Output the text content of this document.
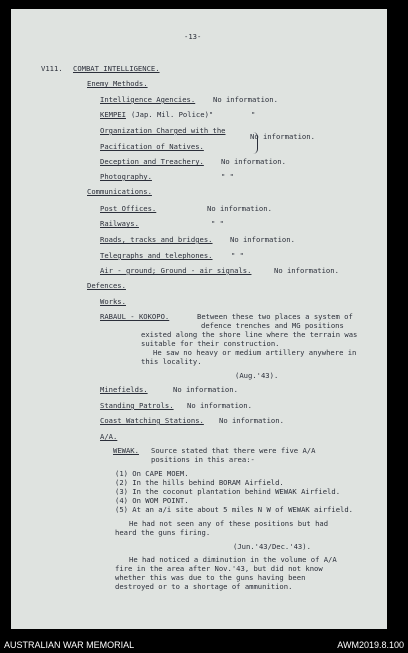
-13-
V111. COMBAT INTELLIGENCE.
Enemy Methods.
Intelligence Agencies. No information.
KEMPEI (Jap. Mil. Police)"	"
Organization Charged with the
Pacification of Natives.
No information.
Deception and Treachery. No information.
Photography.	" "
Communications.
Post Offices.	No information.
Railways.	" "
Roads, tracks and bridges. No information.
Telegraphs and telephones.	" "
Air - ground; Ground - air signals.	No information.
Defences.
Works.
RABAUL - KOKOPO.	Between these two places a system of
defence trenches and MG positions
existed along the shore line where the terrain was
suitable for their construction.
He saw no heavy or medium artillery anywhere in
this locality.
(Aug.'43).
Minefields.	No information.
Standing Patrols. No information.
Coast Watching Stations. No information.
A/A.
WEWAK. Source stated that there were five A/A
positions in this area:-
(1) On CAPE MOEM.
(2) In the hills behind BORAM Airfield.
(3) In the coconut plantation behind WEWAK Airfield.
(4) On WOM POINT.
(5) At an a/i site about 5 miles N W of WEWAK airfield.
He had not seen any of these positions but had
heard the guns firing.
(Jun.'43/Dec.'43).
He had noticed a diminution in the volume of A/A
fire in the area after Nov.'43, but did not know
whether this was due to the guns having been
destroyed or to a shortage of ammunition.
AUSTRALIAN WAR MEMORIAL	AWM2019.8.100
